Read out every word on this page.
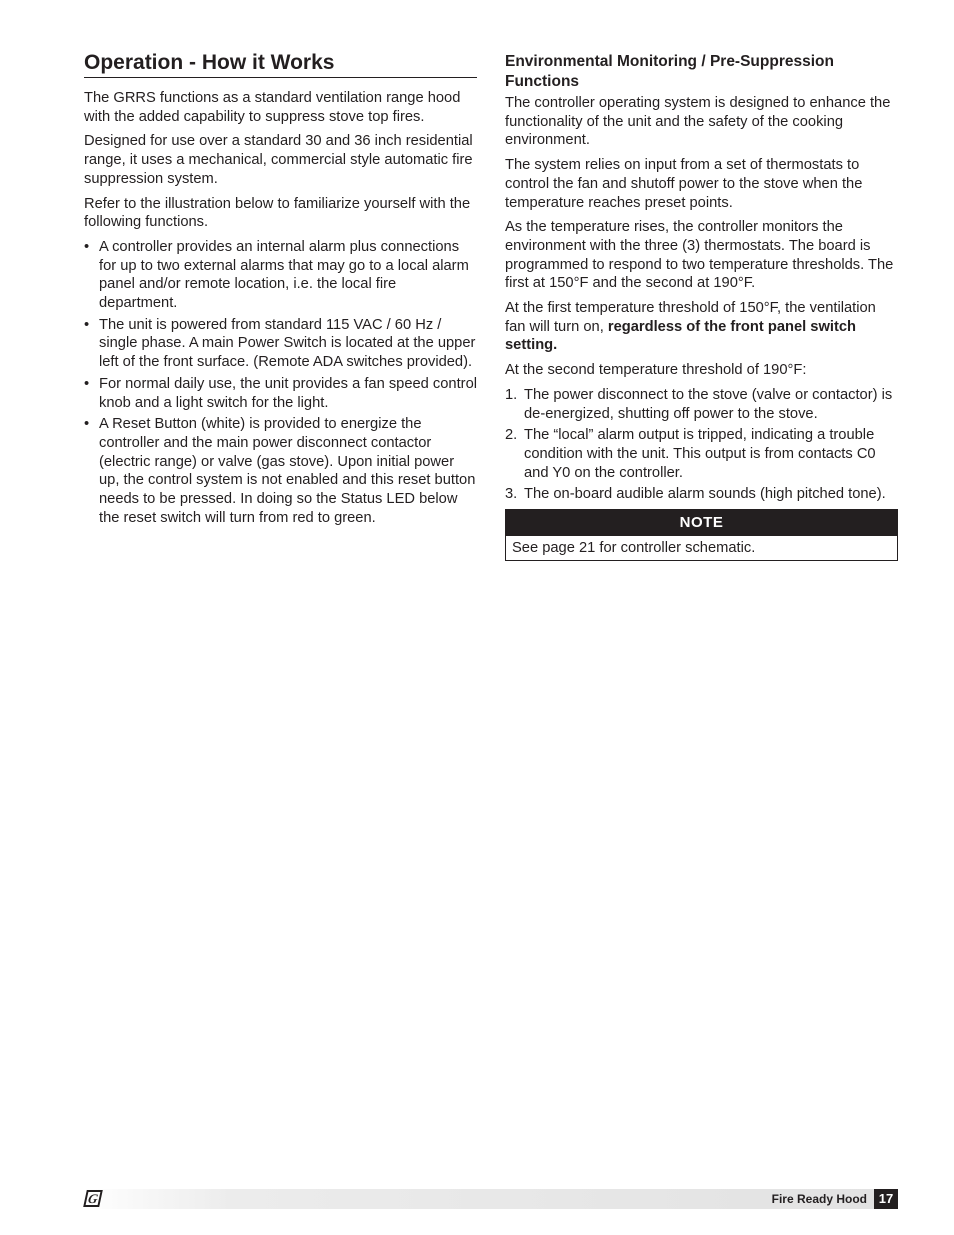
Operation - How it Works

The GRRS functions as a standard ventilation range hood with the added capability to suppress stove top fires.

Designed for use over a standard 30 and 36 inch residential range, it uses a mechanical, commercial style automatic fire suppression system.

Refer to the illustration below to familiarize yourself with the following functions.

• A controller provides an internal alarm plus connections for up to two external alarms that may go to a local alarm panel and/or remote location, i.e. the local fire department.
• The unit is powered from standard 115 VAC / 60 Hz / single phase. A main Power Switch is located at the upper left of the front surface. (Remote ADA switches provided).
• For normal daily use, the unit provides a fan speed control knob and a light switch for the light.
• A Reset Button (white) is provided to energize the controller and the main power disconnect contactor (electric range) or valve (gas stove). Upon initial power up, the control system is not enabled and this reset button needs to be pressed. In doing so the Status LED below the reset switch will turn from red to green.
Environmental Monitoring / Pre-Suppression Functions

The controller operating system is designed to enhance the functionality of the unit and the safety of the cooking environment.

The system relies on input from a set of thermostats to control the fan and shutoff power to the stove when the temperature reaches preset points.

As the temperature rises, the controller monitors the environment with the three (3) thermostats. The board is programmed to respond to two temperature thresholds. The first at 150°F and the second at 190°F.

At the first temperature threshold of 150°F, the ventilation fan will turn on, regardless of the front panel switch setting.

At the second temperature threshold of 190°F:

1. The power disconnect to the stove (valve or contactor) is de-energized, shutting off power to the stove.
2. The “local” alarm output is tripped, indicating a trouble condition with the unit. This output is from contacts C0 and Y0 on the controller.
3. The on-board audible alarm sounds (high pitched tone).
NOTE
See page 21 for controller schematic.
G	Fire Ready Hood 17
